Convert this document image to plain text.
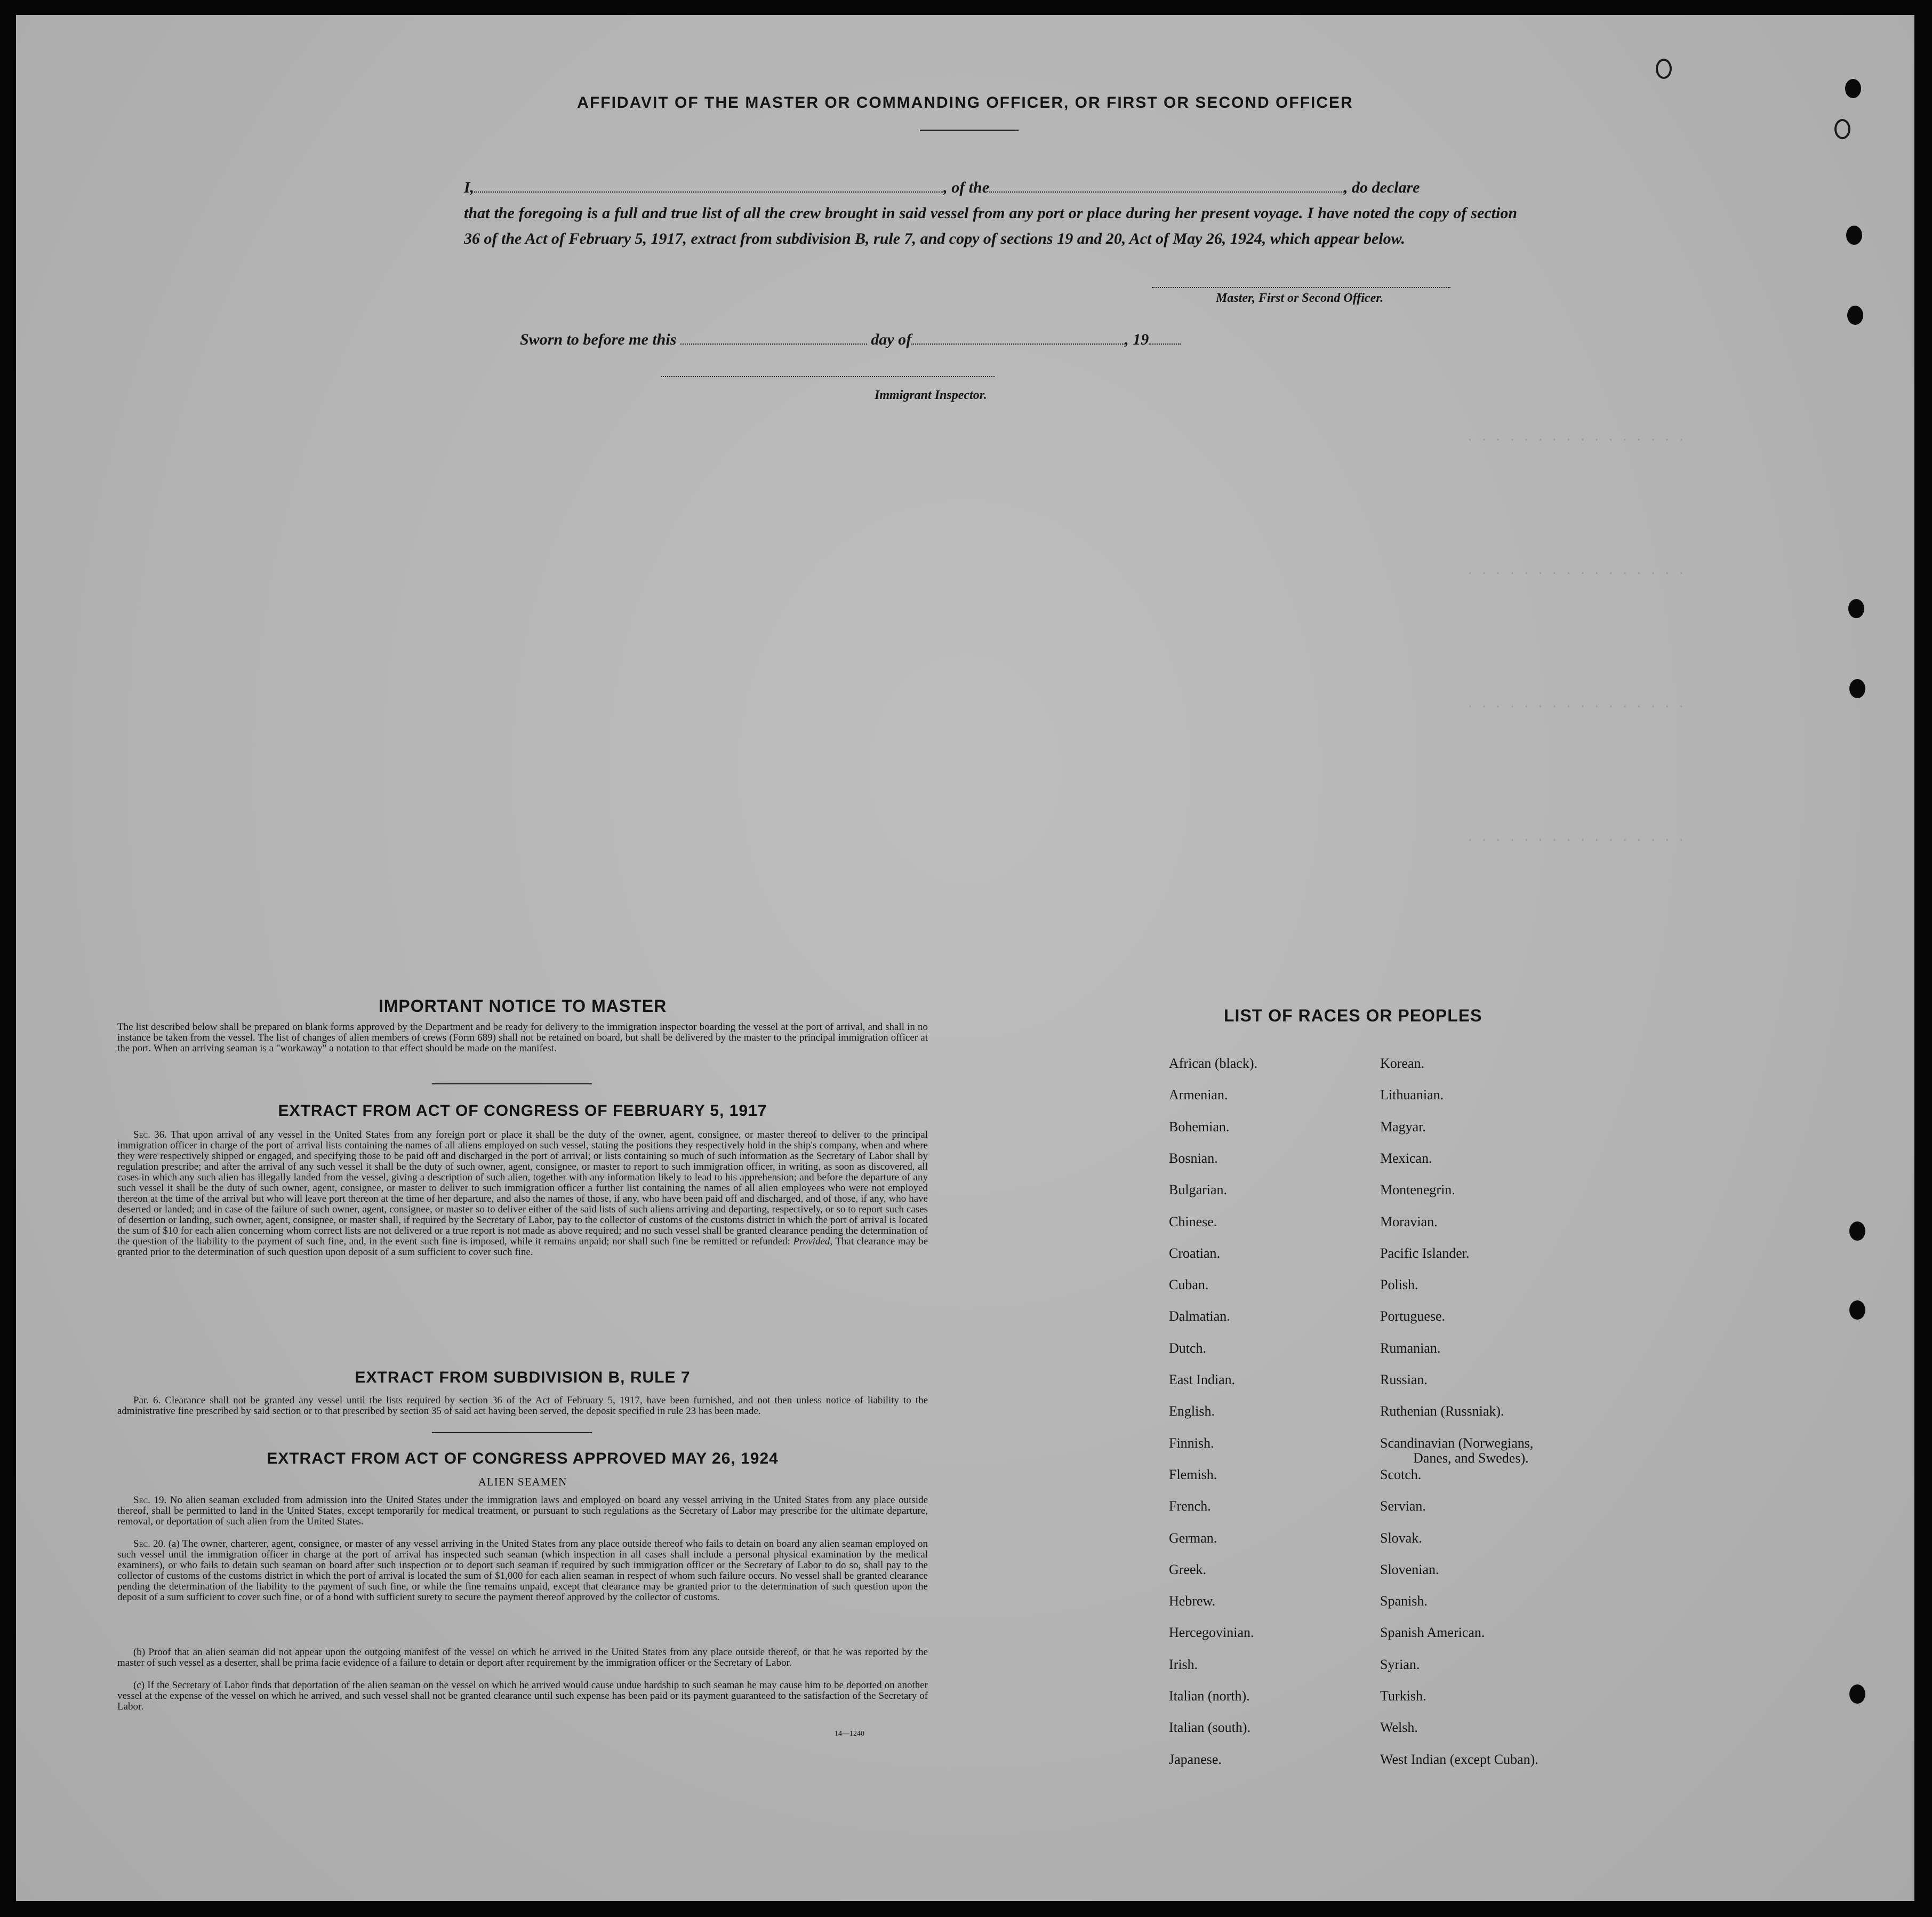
. . . . . . . . . . . . . . . .
. . . . . . . . . . . . . . . .
. . . . . . . . . . . . . . . .
. . . . . . . . . . . . . . . .
AFFIDAVIT OF THE MASTER OR COMMANDING OFFICER, OR FIRST OR SECOND OFFICER
I,	, of the	, do declare
that the foregoing is a full and true list of all the crew brought in said vessel from any port or place during her present voyage. I have noted the copy of section 36 of the Act of February 5, 1917, extract from subdivision B, rule 7, and copy of sections 19 and 20, Act of May 26, 1924, which appear below.
Master, First or Second Officer.
Sworn to before me this	day of	, 19
Immigrant Inspector.
IMPORTANT NOTICE TO MASTER
The list described below shall be prepared on blank forms approved by the Department and be ready for delivery to the immigration inspector boarding the vessel at the port of arrival, and shall in no instance be taken from the vessel. The list of changes of alien members of crews (Form 689) shall not be retained on board, but shall be delivered by the master to the principal immigration officer at the port. When an arriving seaman is a "workaway" a notation to that effect should be made on the manifest.
EXTRACT FROM ACT OF CONGRESS OF FEBRUARY 5, 1917
Sec. 36. That upon arrival of any vessel in the United States from any foreign port or place it shall be the duty of the owner, agent, consignee, or master thereof to deliver to the principal immigration officer in charge of the port of arrival lists containing the names of all aliens employed on such vessel, stating the positions they respectively hold in the ship's company, when and where they were respectively shipped or engaged, and specifying those to be paid off and discharged in the port of arrival; or lists containing so much of such information as the Secretary of Labor shall by regulation prescribe; and after the arrival of any such vessel it shall be the duty of such owner, agent, consignee, or master to report to such immigration officer, in writing, as soon as discovered, all cases in which any such alien has illegally landed from the vessel, giving a description of such alien, together with any information likely to lead to his apprehension; and before the departure of any such vessel it shall be the duty of such owner, agent, consignee, or master to deliver to such immigration officer a further list containing the names of all alien employees who were not employed thereon at the time of the arrival but who will leave port thereon at the time of her departure, and also the names of those, if any, who have been paid off and discharged, and of those, if any, who have deserted or landed; and in case of the failure of such owner, agent, consignee, or master so to deliver either of the said lists of such aliens arriving and departing, respectively, or so to report such cases of desertion or landing, such owner, agent, consignee, or master shall, if required by the Secretary of Labor, pay to the collector of customs of the customs district in which the port of arrival is located the sum of $10 for each alien concerning whom correct lists are not delivered or a true report is not made as above required; and no such vessel shall be granted clearance pending the determination of the question of the liability to the payment of such fine, and, in the event such fine is imposed, while it remains unpaid; nor shall such fine be remitted or refunded: Provided, That clearance may be granted prior to the determination of such question upon deposit of a sum sufficient to cover such fine.
EXTRACT FROM SUBDIVISION B, RULE 7
Par. 6. Clearance shall not be granted any vessel until the lists required by section 36 of the Act of February 5, 1917, have been furnished, and not then unless notice of liability to the administrative fine prescribed by said section or to that prescribed by section 35 of said act having been served, the deposit specified in rule 23 has been made.
EXTRACT FROM ACT OF CONGRESS APPROVED MAY 26, 1924
ALIEN SEAMEN
Sec. 19. No alien seaman excluded from admission into the United States under the immigration laws and employed on board any vessel arriving in the United States from any place outside thereof, shall be permitted to land in the United States, except temporarily for medical treatment, or pursuant to such regulations as the Secretary of Labor may prescribe for the ultimate departure, removal, or deportation of such alien from the United States.
Sec. 20. (a) The owner, charterer, agent, consignee, or master of any vessel arriving in the United States from any place outside thereof who fails to detain on board any alien seaman employed on such vessel until the immigration officer in charge at the port of arrival has inspected such seaman (which inspection in all cases shall include a personal physical examination by the medical examiners), or who fails to detain such seaman on board after such inspection or to deport such seaman if required by such immigration officer or the Secretary of Labor to do so, shall pay to the collector of customs of the customs district in which the port of arrival is located the sum of $1,000 for each alien seaman in respect of whom such failure occurs. No vessel shall be granted clearance pending the determination of the liability to the payment of such fine, or while the fine remains unpaid, except that clearance may be granted prior to the determination of such question upon the deposit of a sum sufficient to cover such fine, or of a bond with sufficient surety to secure the payment thereof approved by the collector of customs.
(b) Proof that an alien seaman did not appear upon the outgoing manifest of the vessel on which he arrived in the United States from any place outside thereof, or that he was reported by the master of such vessel as a deserter, shall be prima facie evidence of a failure to detain or deport after requirement by the immigration officer or the Secretary of Labor.
(c) If the Secretary of Labor finds that deportation of the alien seaman on the vessel on which he arrived would cause undue hardship to such seaman he may cause him to be deported on another vessel at the expense of the vessel on which he arrived, and such vessel shall not be granted clearance until such expense has been paid or its payment guaranteed to the satisfaction of the Secretary of Labor.
14—1240
LIST OF RACES OR PEOPLES
African (black).
Armenian.
Bohemian.
Bosnian.
Bulgarian.
Chinese.
Croatian.
Cuban.
Dalmatian.
Dutch.
East Indian.
English.
Finnish.
Flemish.
French.
German.
Greek.
Hebrew.
Hercegovinian.
Irish.
Italian (north).
Italian (south).
Japanese.
Korean.
Lithuanian.
Magyar.
Mexican.
Montenegrin.
Moravian.
Pacific Islander.
Polish.
Portuguese.
Rumanian.
Russian.
Ruthenian (Russniak).
Scandinavian (Norwegians,
Danes, and Swedes).
Scotch.
Servian.
Slovak.
Slovenian.
Spanish.
Spanish American.
Syrian.
Turkish.
Welsh.
West Indian (except Cuban).
